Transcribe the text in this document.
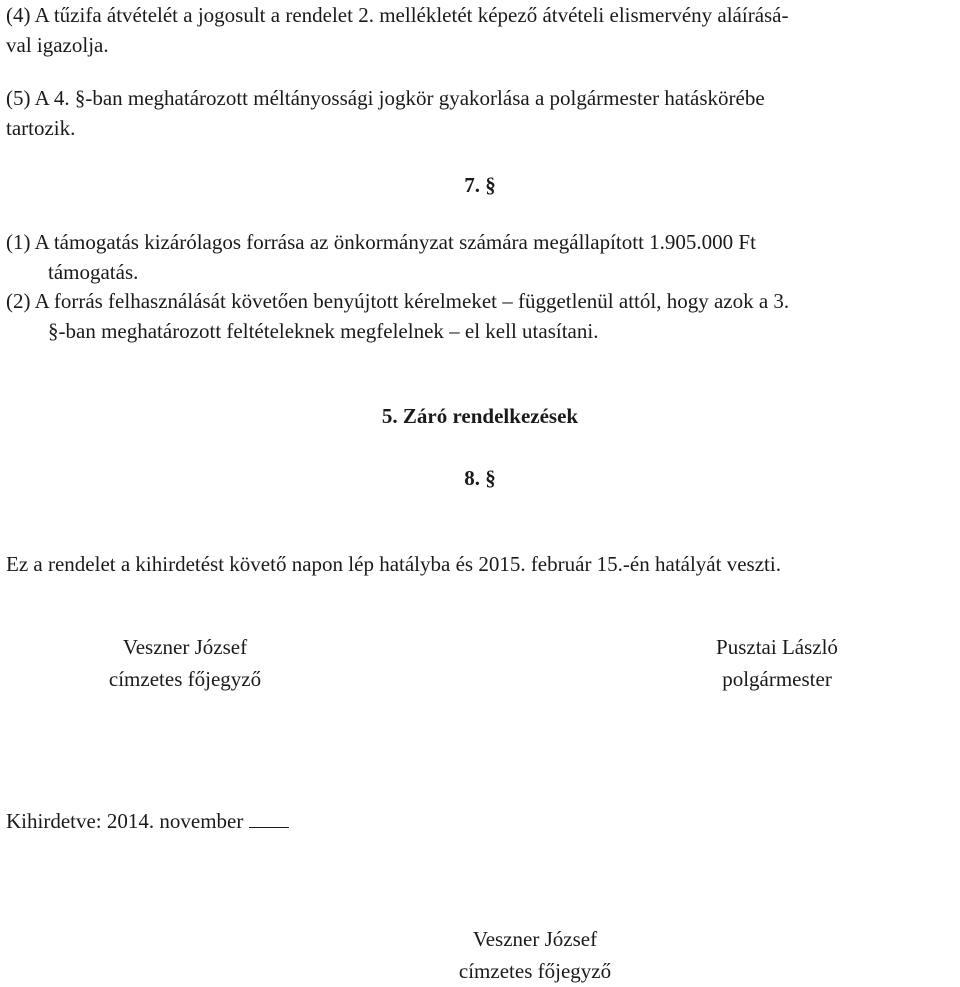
(4) A tűzifa átvételét a jogosult a rendelet 2. mellékletét képező átvételi elismervény aláírásá-
val igazolja.
(5) A 4. §-ban meghatározott méltányossági jogkör gyakorlása a polgármester hatáskörébe
tartozik.
7. §
(1) A támogatás kizárólagos forrása az önkormányzat számára megállapított 1.905.000 Ft
támogatás.
(2) A forrás felhasználását követően benyújtott kérelmeket – függetlenül attól, hogy azok a 3.
§-ban meghatározott feltételeknek megfelelnek – el kell utasítani.
5. Záró rendelkezések
8. §
Ez a rendelet a kihirdetést követő napon lép hatályba és 2015. február 15.-én hatályát veszti.
Veszner József
címzetes főjegyző
Pusztai László
polgármester
Kihirdetve: 2014. november
Veszner József
címzetes főjegyző
